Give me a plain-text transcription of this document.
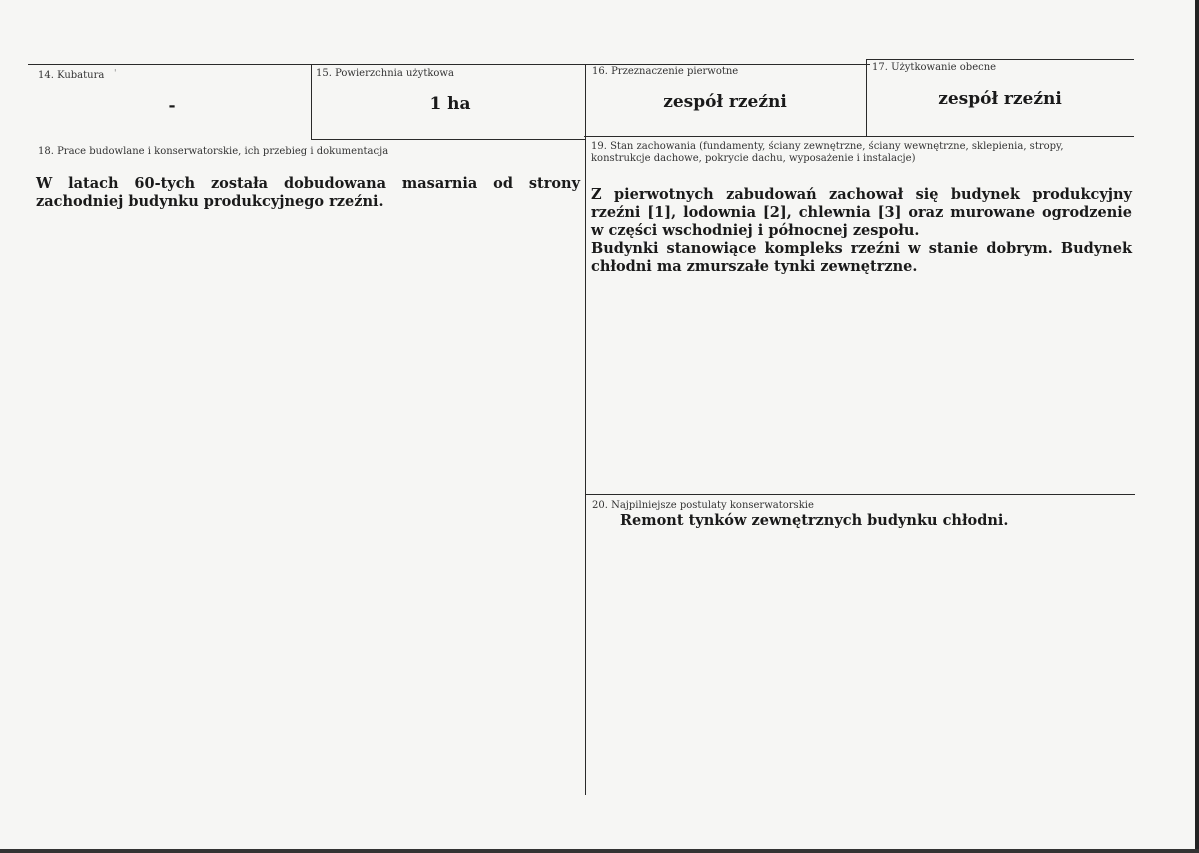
14. Kubatura '
-
15. Powierzchnia użytkowa
1 ha
16. Przeznaczenie pierwotne
zespół rzeźni
17. Użytkowanie obecne
zespół rzeźni
18. Prace budowlane i konserwatorskie, ich przebieg i dokumentacja

W latach 60-tych została dobudowana masarnia od strony zachodniej budynku produkcyjnego rzeźni.

19. Stan zachowania (fundamenty, ściany zewnętrzne, ściany wewnętrzne, sklepienia, stropy, konstrukcje dachowe, pokrycie dachu, wyposażenie i instalacje)

Z pierwotnych zabudowań zachował się budynek produkcyjny rzeźni [1], lodownia [2], chlewnia [3] oraz murowane ogrodzenie w części wschodniej i północnej zespołu.

Budynki stanowiące kompleks rzeźni w stanie dobrym. Budynek chłodni ma zmurszałe tynki zewnętrzne.

20. Najpilniejsze postulaty konserwatorskie

Remont tynków zewnętrznych budynku chłodni.
